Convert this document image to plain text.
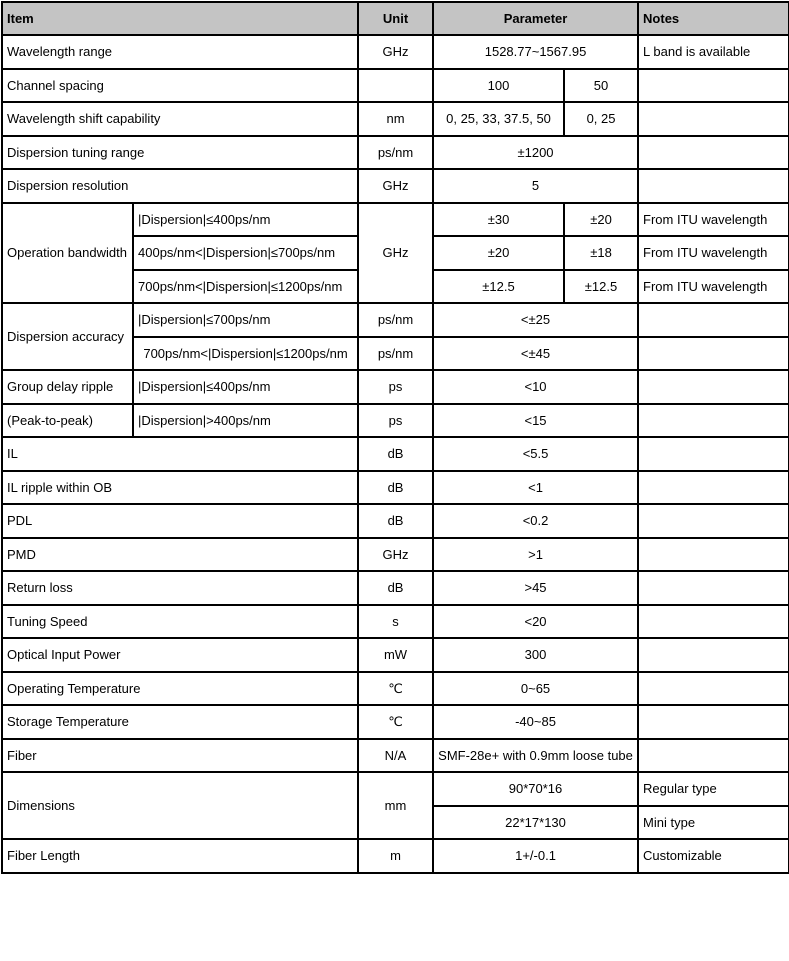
Item		Unit	Parameter		Notes
Wavelength range		GHz	1528.77~1567.95		L band is available
Channel spacing			100	50	
Wavelength shift capability		nm	0, 25, 33, 37.5, 50	0, 25	
Dispersion tuning range		ps/nm	±1200		
Dispersion resolution		GHz	5		
Operation bandwidth	|Dispersion|≤400ps/nm	GHz	±30	±20	From ITU wavelength
	400ps/nm<|Dispersion|≤700ps/nm		±20	±18	From ITU wavelength
	700ps/nm<|Dispersion|≤1200ps/nm		±12.5	±12.5	From ITU wavelength
Dispersion accuracy	|Dispersion|≤700ps/nm	ps/nm	<±25		
	700ps/nm<|Dispersion|≤1200ps/nm	ps/nm	<±45		
Group delay ripple	|Dispersion|≤400ps/nm	ps	<10		
(Peak-to-peak)	|Dispersion|>400ps/nm	ps	<15		
IL		dB	<5.5		
IL ripple within OB		dB	<1		
PDL		dB	<0.2		
PMD		GHz	>1		
Return loss		dB	>45		
Tuning Speed		s	<20		
Optical Input Power		mW	300		
Operating Temperature		℃	0~65		
Storage Temperature		℃	-40~85		
Fiber		N/A	SMF-28e+ with 0.9mm loose tube		
Dimensions		mm	90*70*16		Regular type
			22*17*130		Mini type
Fiber Length		m	1+/-0.1		Customizable
